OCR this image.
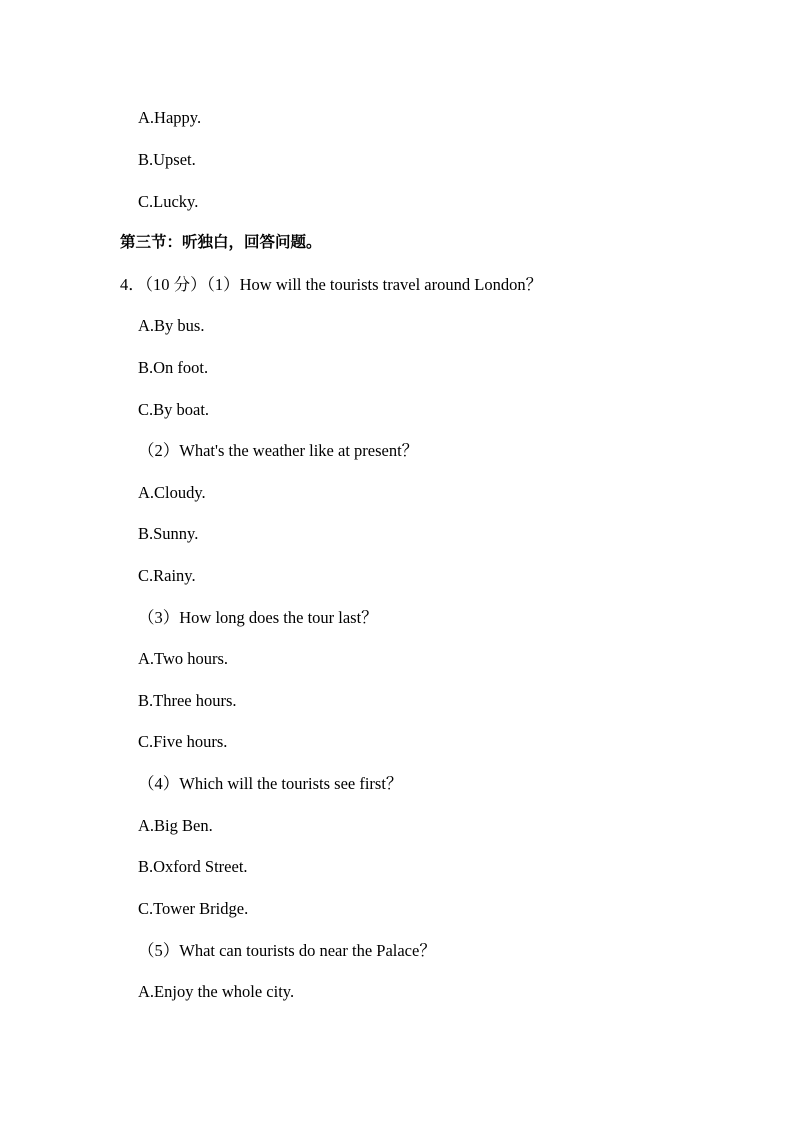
A.Happy.
B.Upset.
C.Lucky.
第三节：听独白，回答问题。
4．（10 分）（1）How will the tourists travel around London？
A.By bus.
B.On foot.
C.By boat.
（2）What's the weather like at present？
A.Cloudy.
B.Sunny.
C.Rainy.
（3）How long does the tour last？
A.Two hours.
B.Three hours.
C.Five hours.
（4）Which will the tourists see first？
A.Big Ben.
B.Oxford Street.
C.Tower Bridge.
（5）What can tourists do near the Palace？
A.Enjoy the whole city.
